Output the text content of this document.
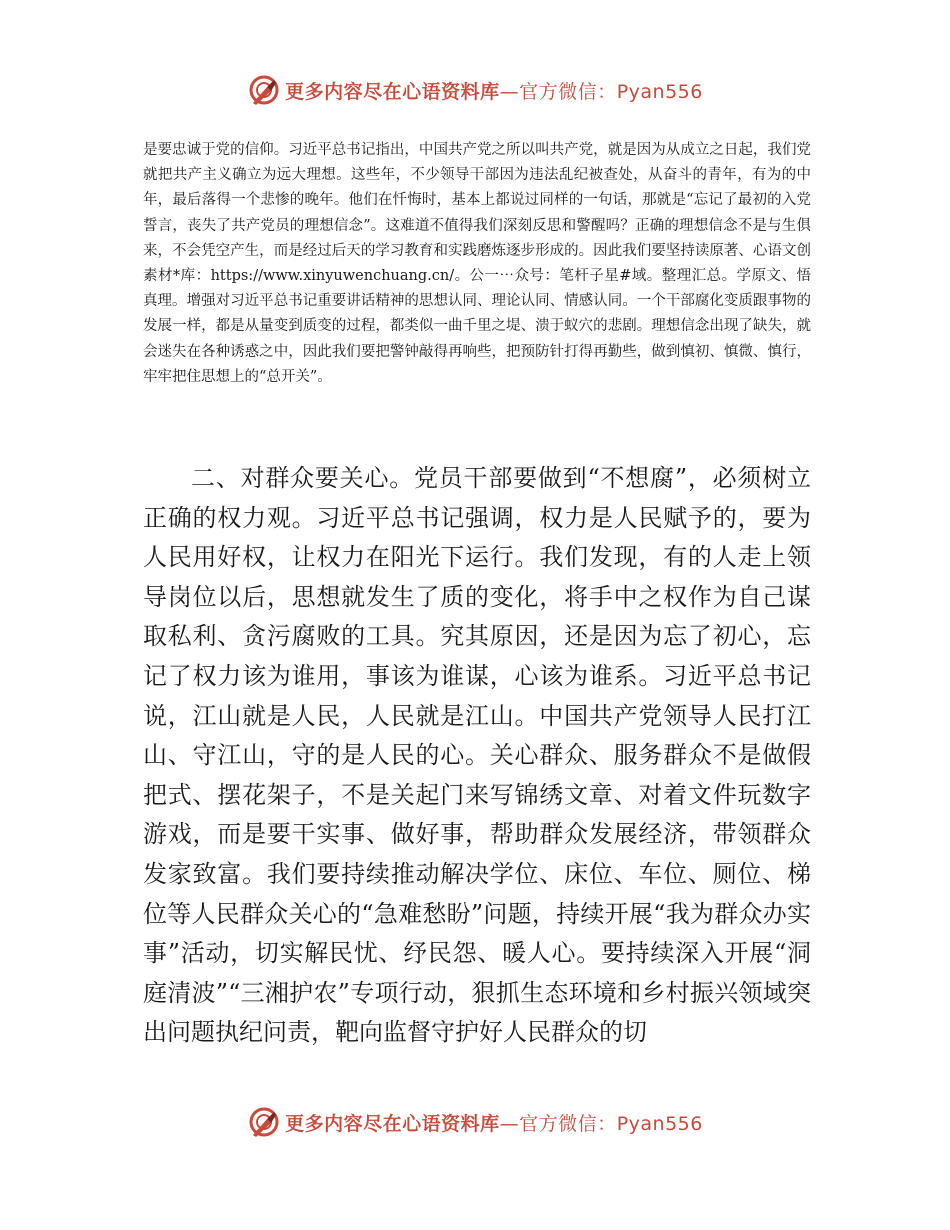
更多内容尽在心语资料库—官方微信：Pyan556

是要忠诚于党的信仰。习近平总书记指出，中国共产党之所以叫共产党，就是因为从成立之日起，我们党就把共产主义确立为远大理想。这些年，不少领导干部因为违法乱纪被查处，从奋斗的青年，有为的中年，最后落得一个悲惨的晚年。他们在忏悔时，基本上都说过同样的一句话，那就是“忘记了最初的入党誓言，丧失了共产党员的理想信念”。这难道不值得我们深刻反思和警醒吗？正确的理想信念不是与生俱来，不会凭空产生，而是经过后天的学习教育和实践磨炼逐步形成的。因此我们要坚持读原著、心语文创素材*库：https://www.xinyuwenchuang.cn/。公一⋯众号：笔杆子星#域。整理汇总。学原文、悟真理。增强对习近平总书记重要讲话精神的思想认同、理论认同、情感认同。一个干部腐化变质跟事物的发展一样，都是从量变到质变的过程，都类似一曲千里之堤、溃于蚁穴的悲剧。理想信念出现了缺失，就会迷失在各种诱惑之中，因此我们要把警钟敲得再响些，把预防针打得再勤些，做到慎初、慎微、慎行，牢牢把住思想上的“总开关”。

二、对群众要关心。党员干部要做到“不想腐”，必须树立正确的权力观。习近平总书记强调，权力是人民赋予的，要为人民用好权，让权力在阳光下运行。我们发现，有的人走上领导岗位以后，思想就发生了质的变化，将手中之权作为自己谋取私利、贪污腐败的工具。究其原因，还是因为忘了初心，忘记了权力该为谁用，事该为谁谋，心该为谁系。习近平总书记说，江山就是人民，人民就是江山。中国共产党领导人民打江山、守江山，守的是人民的心。关心群众、服务群众不是做假把式、摆花架子，不是关起门来写锦绣文章、对着文件玩数字游戏，而是要干实事、做好事，帮助群众发展经济，带领群众发家致富。我们要持续推动解决学位、床位、车位、厕位、梯位等人民群众关心的“急难愁盼”问题，持续开展“我为群众办实事”活动，切实解民忧、纾民怨、暖人心。要持续深入开展“洞庭清波”“三湘护农”专项行动，狠抓生态环境和乡村振兴领域突出问题执纪问责，靶向监督守护好人民群众的切

更多内容尽在心语资料库—官方微信：Pyan556
